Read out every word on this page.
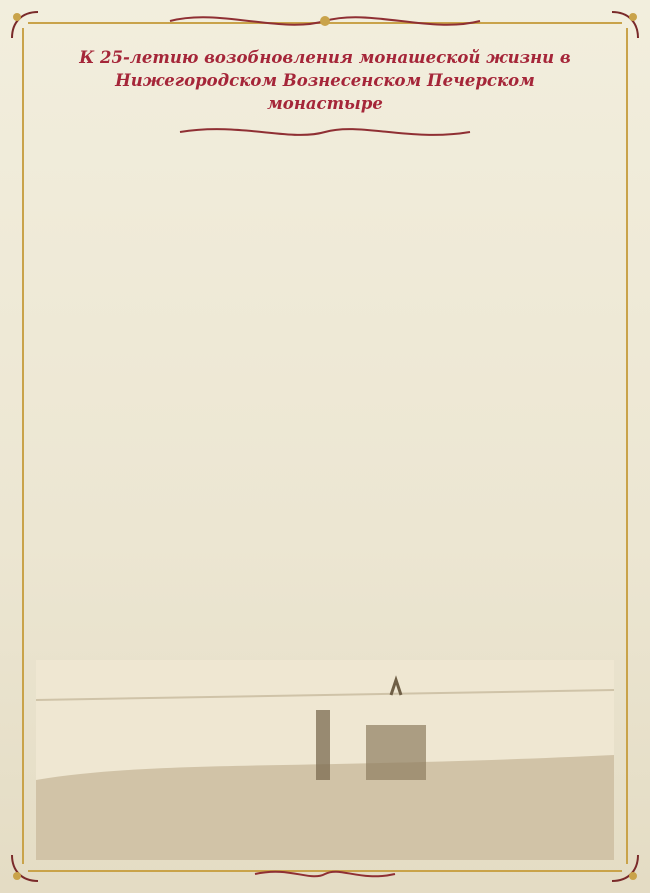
К 25-летию возобновления монашеской жизни в Нижегородском Вознесенском Печерском монастыре
